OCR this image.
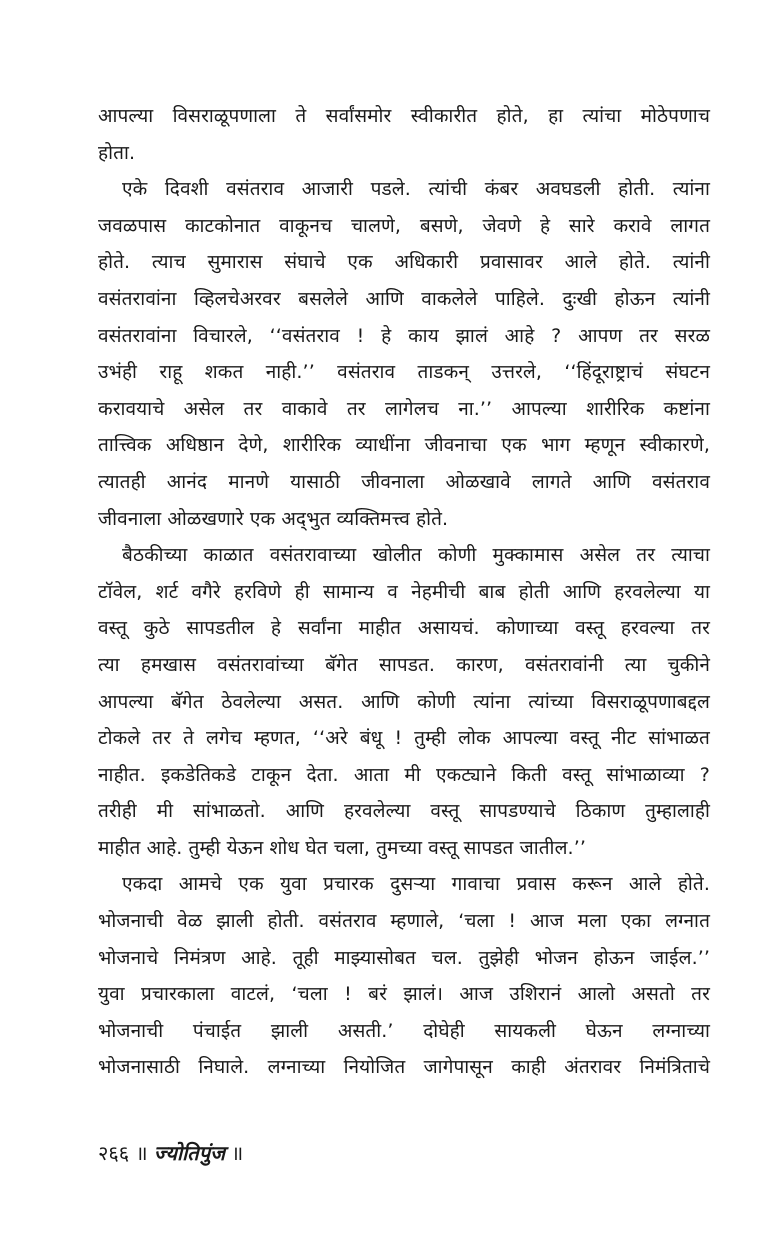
आपल्या विसराळूपणाला ते सर्वांसमोर स्वीकारीत होते, हा त्यांचा मोठेपणाच
होता.
एके दिवशी वसंतराव आजारी पडले. त्यांची कंबर अवघडली होती. त्यांना
जवळपास काटकोनात वाकूनच चालणे, बसणे, जेवणे हे सारे करावे लागत
होते. त्याच सुमारास संघाचे एक अधिकारी प्रवासावर आले होते. त्यांनी
वसंतरावांना व्हिलचेअरवर बसलेले आणि वाकलेले पाहिले. दुःखी होऊन त्यांनी
वसंतरावांना विचारले, ‘‘वसंतराव ! हे काय झालं आहे ? आपण तर सरळ
उभंही राहू शकत नाही.’’ वसंतराव ताडकन् उत्तरले, ‘‘हिंदूराष्ट्राचं संघटन
करावयाचे असेल तर वाकावे तर लागेलच ना.’’ आपल्या शारीरिक कष्टांना
तात्त्विक अधिष्ठान देणे, शारीरिक व्याधींना जीवनाचा एक भाग म्हणून स्वीकारणे,
त्यातही आनंद मानणे यासाठी जीवनाला ओळखावे लागते आणि वसंतराव
जीवनाला ओळखणारे एक अद्‌भुत व्यक्तिमत्त्व होते.
बैठकीच्या काळात वसंतरावाच्या खोलीत कोणी मुक्कामास असेल तर त्याचा
टॉवेल, शर्ट वगैरे हरविणे ही सामान्य व नेहमीची बाब होती आणि हरवलेल्या या
वस्तू कुठे सापडतील हे सर्वांना माहीत असायचं. कोणाच्या वस्तू हरवल्या तर
त्या हमखास वसंतरावांच्या बॅगेत सापडत. कारण, वसंतरावांनी त्या चुकीने
आपल्या बॅगेत ठेवलेल्या असत. आणि कोणी त्यांना त्यांच्या विसराळूपणाबद्दल
टोकले तर ते लगेच म्हणत, ‘‘अरे बंधू ! तुम्ही लोक आपल्या वस्तू नीट सांभाळत
नाहीत. इकडेतिकडे टाकून देता. आता मी एकट्याने किती वस्तू सांभाळाव्या ?
तरीही मी सांभाळतो. आणि हरवलेल्या वस्तू सापडण्याचे ठिकाण तुम्हालाही
माहीत आहे. तुम्ही येऊन शोध घेत चला, तुमच्या वस्तू सापडत जातील.’’
एकदा आमचे एक युवा प्रचारक दुसऱ्या गावाचा प्रवास करून आले होते.
भोजनाची वेळ झाली होती. वसंतराव म्हणाले, ‘चला ! आज मला एका लग्नात
भोजनाचे निमंत्रण आहे. तूही माझ्यासोबत चल. तुझेही भोजन होऊन जाईल.’’
युवा प्रचारकाला वाटलं, ‘चला ! बरं झालं। आज उशिरानं आलो असतो तर
भोजनाची पंचाईत झाली असती.’ दोघेही सायकली घेऊन लग्नाच्या
भोजनासाठी निघाले. लग्नाच्या नियोजित जागेपासून काही अंतरावर निमंत्रिताचे
२६६ ॥ ज्योतिपुंज ॥
